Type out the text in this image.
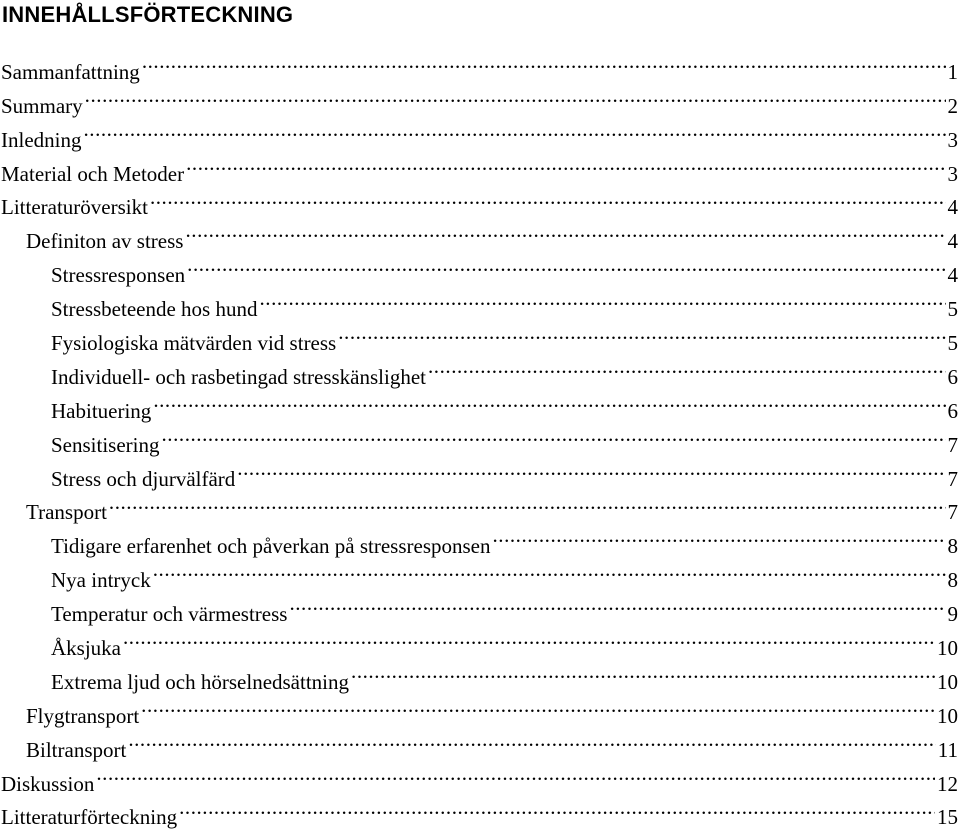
INNEHÅLLSFÖRTECKNING
Sammanfattning .....	1
Summary .....	2
Inledning .....	3
Material och Metoder .....	3
Litteraturöversikt .....	4
Definiton av stress .....	4
Stressresponsen .....	4
Stressbeteende hos hund .....	5
Fysiologiska mätvärden vid stress .....	5
Individuell- och rasbetingad stresskänslighet .....	6
Habituering .....	6
Sensitisering .....	7
Stress och djurvälfärd .....	7
Transport .....	7
Tidigare erfarenhet och påverkan på stressresponsen .....	8
Nya intryck .....	8
Temperatur och värmestress .....	9
Åksjuka .....	10
Extrema ljud och hörselnedsättning .....	10
Flygtransport .....	10
Biltransport .....	11
Diskussion .....	12
Litteraturförteckning .....	15
